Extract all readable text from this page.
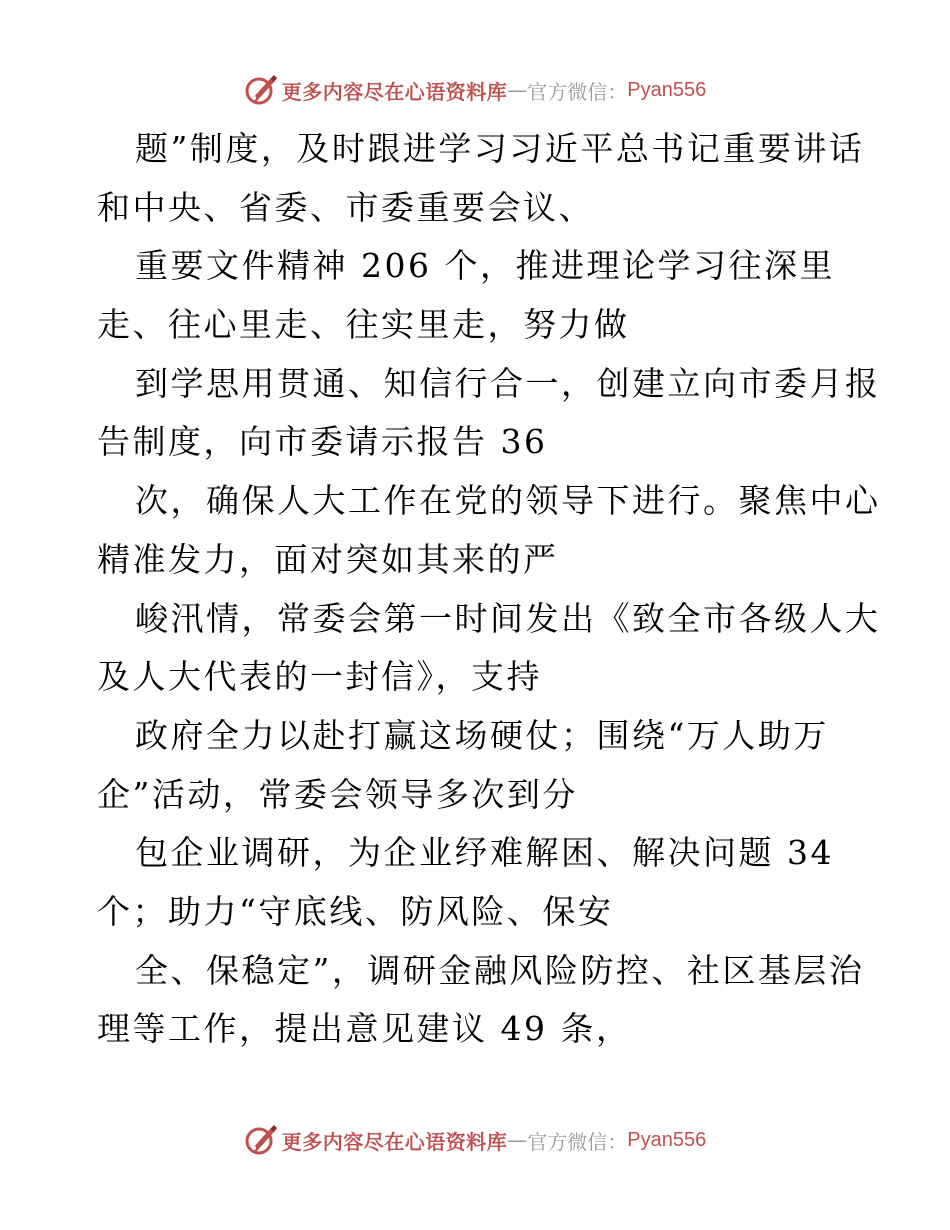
更多内容尽在心语资料库 — 官方微信： Pyan556
题”制度，及时跟进学习习近平总书记重要讲话
和中央、省委、市委重要会议、
重要文件精神 206 个，推进理论学习往深里
走、往心里走、往实里走，努力做
到学思用贯通、知信行合一，创建立向市委月报
告制度，向市委请示报告 36
次，确保人大工作在党的领导下进行。聚焦中心
精准发力，面对突如其来的严
峻汛情，常委会第一时间发出《致全市各级人大
及人大代表的一封信》，支持
政府全力以赴打赢这场硬仗；围绕“万人助万
企”活动，常委会领导多次到分
包企业调研，为企业纾难解困、解决问题 34
个；助力“守底线、防风险、保安
全、保稳定”，调研金融风险防控、社区基层治
理等工作，提出意见建议 49 条，
更多内容尽在心语资料库 — 官方微信： Pyan556
